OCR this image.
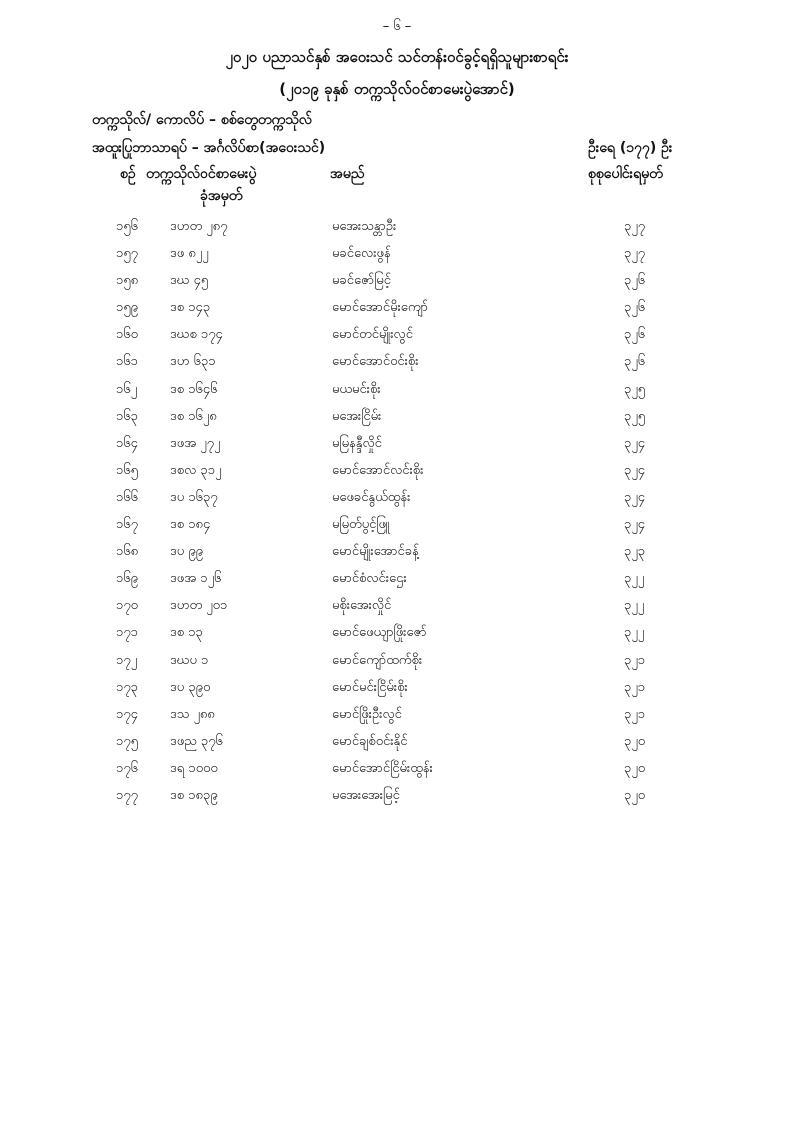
– ၆ –
၂၀၂၀ ပညာသင်နှစ် အဝေးသင် သင်တန်းဝင်ခွင့်ရရှိသူများစာရင်း
(၂၀၁၉ ခုနှစ် တက္ကသိုလ်ဝင်စာမေးပွဲအောင်)
တက္ကသိုလ်/ ကောလိပ် – စစ်တွေတက္ကသိုလ်
အထူးပြုဘာသာရပ် – အင်္ဂလိပ်စာ(အဝေးသင်)	ဦးရေ (၁၇၇) ဦး
စဉ် တက္ကသိုလ်ဝင်စာမေးပွဲ
ခုံအမှတ်
အမည်	စုစုပေါင်းရမှတ်
၁၅၆ ဒဟတ ၂၈၇	မအေးသန္တာဦး	၃၂၇
၁၅၇ ဒဖ ၈၂၂	မခင်လေးဖွန်	၃၂၇
၁၅၈ ဒဃ ၄၅	မခင်ဇော်မြင့်	၃၂၆
၁၅၉ ဒစ ၁၄၃	မောင်အောင်မိုးကျော်	၃၂၆
၁၆၀ ဒဃစ ၁၇၄	မောင်တင်မျိုးလွင်	၃၂၆
၁၆၁ ဒဟ ၆၃၁	မောင်အောင်ဝင်းစိုး	၃၂၆
၁၆၂	ဒစ ၁၆၄၆	မယမင်းစိုး	၃၂၅
၁၆၃ ဒစ ၁၆၂၈	မအေးငြိမ်း	၃၂၅
၁၆၄ ဒဖအ ၂၇၂	မမြနန္ဒီလှိုင်	၃၂၄
၁၆၅ ဒစလ ၃၁၂	မောင်အောင်လင်းစိုး	၃၂၄
၁၆၆ ဒပ ၁၆၃၇	မဖေခင်နွယ်ထွန်း	၃၂၄
၁၆၇ ဒစ ၁၈၄	မမြတ်ပွင့်ဖြူ	၃၂၄
၁၆၈ ဒပ ၉၉	မောင်မျိုးအောင်ခန့်	၃၂၃
၁၆၉ ဒဖအ ၁၂၆	မောင်စံလင်းဌေး	၃၂၂
၁၇၀ ဒဟတ ၂၀၁	မစိုးအေးလှိုင်	၃၂၂
၁၇၁ ဒစ ၁၃	မောင်ဖေယျာဖြိုးဇော်	၃၂၂
၁၇၂	ဒဃပ ၁	မောင်ကျော်ထက်စိုး	၃၂၁
၁၇၃ ဒပ ၃၉၀	မောင်မင်းငြိမ်းစိုး	၃၂၁
၁၇၄ ဒသ ၂၈၈	မောင်ဖြိုးဦးလွင်	၃၂၁
၁၇၅ ဒဖည ၃၇၆	မောင်ချစ်ဝင်းနိုင်	၃၂၀
၁၇၆ ဒရ ၁၀၀၀	မောင်အောင်ငြိမ်းထွန်း	၃၂၀
၁၇၇ ဒစ ၁၈၃၉	မအေးအေးမြင့်	၃၂၀
